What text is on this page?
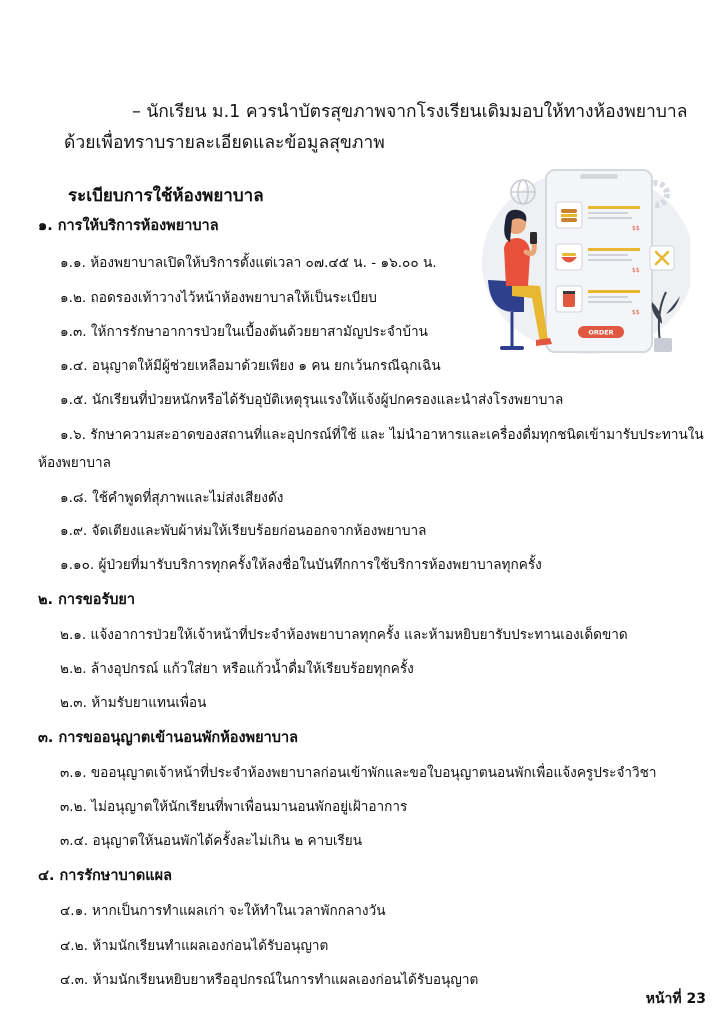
– นักเรียน ม.1 ควรนำบัตรสุขภาพจากโรงเรียนเดิมมอบให้ทางห้องพยาบาล
ด้วยเพื่อทราบรายละเอียดและข้อมูลสุขภาพ
ระเบียบการใช้ห้องพยาบาล
๑. การให้บริการห้องพยาบาล
๑.๑. ห้องพยาบาลเปิดให้บริการตั้งแต่เวลา ๐๗.๔๕ น. - ๑๖.๐๐ น.
๑.๒. ถอดรองเท้าวางไว้หน้าห้องพยาบาลให้เป็นระเบียบ
๑.๓. ให้การรักษาอาการป่วยในเบื้องต้นด้วยยาสามัญประจำบ้าน
๑.๔. อนุญาตให้มีผู้ช่วยเหลือมาด้วยเพียง ๑ คน ยกเว้นกรณีฉุกเฉิน
๑.๕. นักเรียนที่ป่วยหนักหรือได้รับอุบัติเหตุรุนแรงให้แจ้งผู้ปกครองและนำส่งโรงพยาบาล
๑.๖. รักษาความสะอาดของสถานที่และอุปกรณ์ที่ใช้ และ ไม่นำอาหารและเครื่องดื่มทุกชนิดเข้ามารับประทานใน
ห้องพยาบาล
๑.๘. ใช้คำพูดที่สุภาพและไม่ส่งเสียงดัง
๑.๙. จัดเตียงและพับผ้าห่มให้เรียบร้อยก่อนออกจากห้องพยาบาล
๑.๑๐. ผู้ป่วยที่มารับบริการทุกครั้งให้ลงชื่อในบันทึกการใช้บริการห้องพยาบาลทุกครั้ง
๒. การขอรับยา
๒.๑. แจ้งอาการป่วยให้เจ้าหน้าที่ประจำห้องพยาบาลทุกครั้ง และห้ามหยิบยารับประทานเองเด็ดขาด
๒.๒. ล้างอุปกรณ์ แก้วใส่ยา หรือแก้วน้ำดื่มให้เรียบร้อยทุกครั้ง
๒.๓. ห้ามรับยาแทนเพื่อน
๓. การขออนุญาตเข้านอนพักห้องพยาบาล
๓.๑. ขออนุญาตเจ้าหน้าที่ประจำห้องพยาบาลก่อนเข้าพักและขอใบอนุญาตนอนพักเพื่อแจ้งครูประจำวิชา
๓.๒. ไม่อนุญาตให้นักเรียนที่พาเพื่อนมานอนพักอยู่เฝ้าอาการ
๓.๔. อนุญาตให้นอนพักได้ครั้งละไม่เกิน ๒ คาบเรียน
๔. การรักษาบาดแผล
๔.๑. หากเป็นการทำแผลเก่า จะให้ทำในเวลาพักกลางวัน
๔.๒. ห้ามนักเรียนทำแผลเองก่อนได้รับอนุญาต
๔.๓. ห้ามนักเรียนหยิบยาหรืออุปกรณ์ในการทำแผลเองก่อนได้รับอนุญาต
หน้าที่ 23
$$
$$
$$
ORDER
